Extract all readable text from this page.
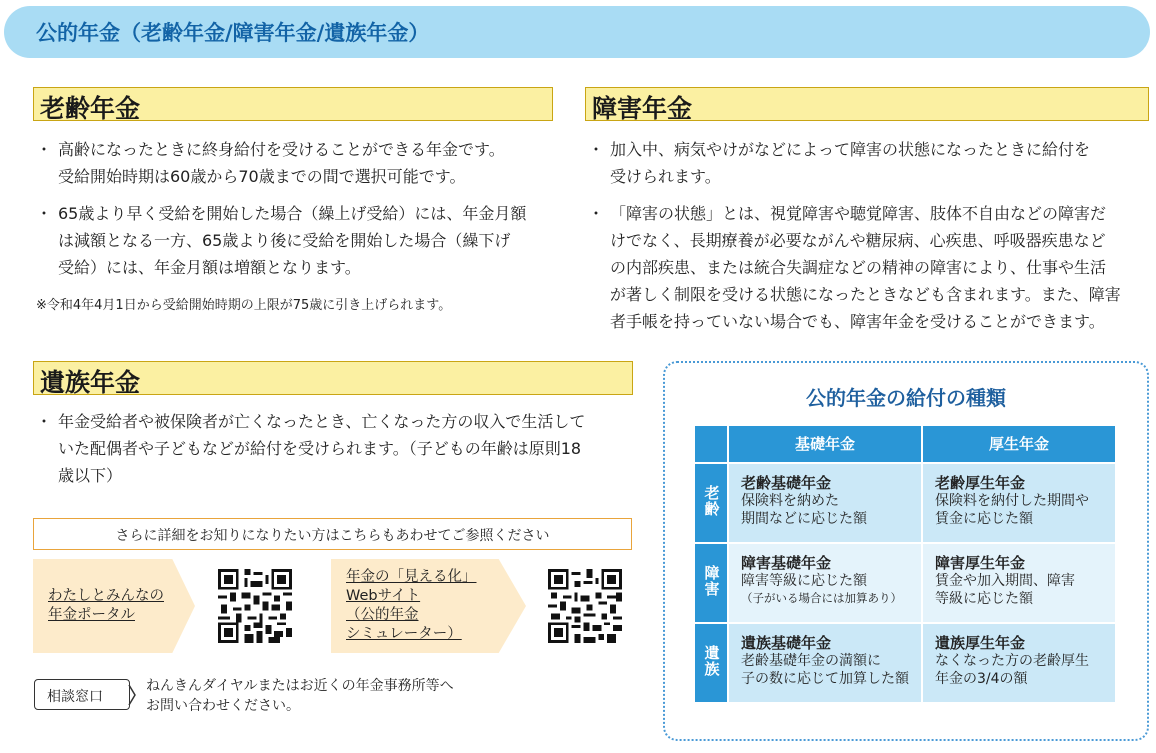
公的年金（老齢年金/障害年金/遺族年金）
老齢年金
・ 高齢になったときに終身給付を受けることができる年金です。
受給開始時期は60歳から70歳までの間で選択可能です。
・ 65歳より早く受給を開始した場合（繰上げ受給）には、年金月額
は減額となる一方、65歳より後に受給を開始した場合（繰下げ
受給）には、年金月額は増額となります。
※令和4年4月1日から受給開始時期の上限が75歳に引き上げられます。
障害年金
・ 加入中、病気やけがなどによって障害の状態になったときに給付を
受けられます。
・ 「障害の状態」とは、視覚障害や聴覚障害、肢体不自由などの障害だ
けでなく、長期療養が必要ながんや糖尿病、心疾患、呼吸器疾患など
の内部疾患、または統合失調症などの精神の障害により、仕事や生活
が著しく制限を受ける状態になったときなども含まれます。また、障害
者手帳を持っていない場合でも、障害年金を受けることができます。
遺族年金
・ 年金受給者や被保険者が亡くなったとき、亡くなった方の収入で生活して
いた配偶者や子どもなどが給付を受けられます。（子どもの年齢は原則18
歳以下）
さらに詳細をお知りになりたい方はこちらもあわせてご参照ください
わたしとみんなの
年金ポータル
年金の「見える化」
Webサイト
（公的年金
シミュレーター）
相談窓口
ねんきんダイヤルまたはお近くの年金事務所等へ
お問い合わせください。
公的年金の給付の種類
	基礎年金	厚生年金
老齢	老齢基礎年金
保険料を納めた
期間などに応じた額	老齢厚生年金
保険料を納付した期間や
賃金に応じた額

障害	障害基礎年金
障害等級に応じた額
（子がいる場合には加算あり）	障害厚生年金
賃金や加入期間、障害
等級に応じた額

遺族	遺族基礎年金
老齢基礎年金の満額に
子の数に応じて加算した額	遺族厚生年金
なくなった方の老齢厚生
年金の3/4の額
